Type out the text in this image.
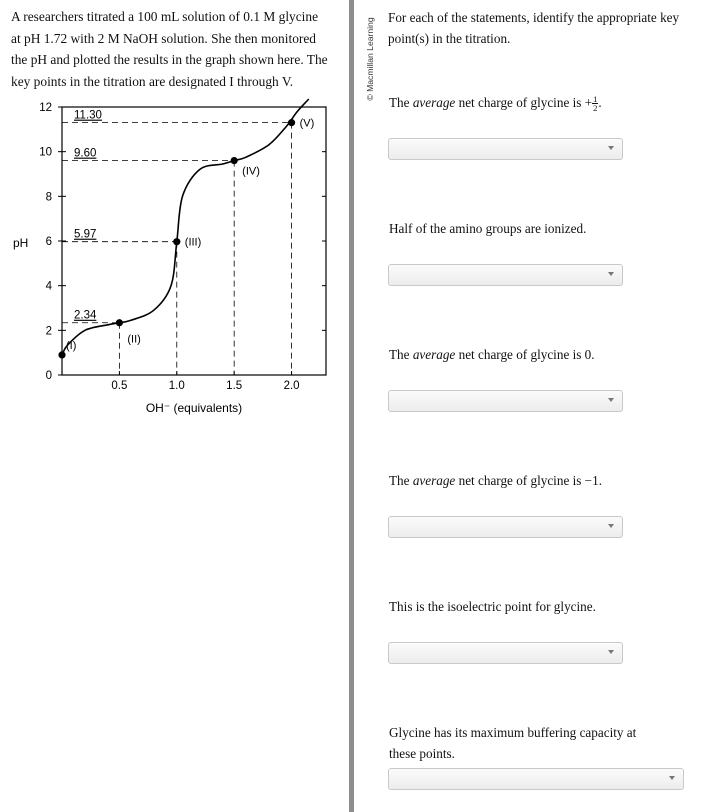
A researchers titrated a 100 mL solution of 0.1 M glycine
at pH 1.72 with 2 M NaOH solution. She then monitored
the pH and plotted the results in the graph shown here. The
key points in the titration are designated I through V.
0
2
4
6
8
10
12
0.5	1.0	1.5	2.0
(I)
2.34
(II)
5.97
(III)
9.60
(IV)
11.30
(V)
pH
OH⁻ (equivalents)
© Macmillan Learning For each of the statements, identify the appropriate key point(s) in the titration.
The average net charge of glycine is + $\frac{1}{2}$ .
Half of the amino groups are ionized.
The average net charge of glycine is 0.
The average net charge of glycine is −1.
This is the isoelectric point for glycine.
Glycine has its maximum buffering capacity at these points.
